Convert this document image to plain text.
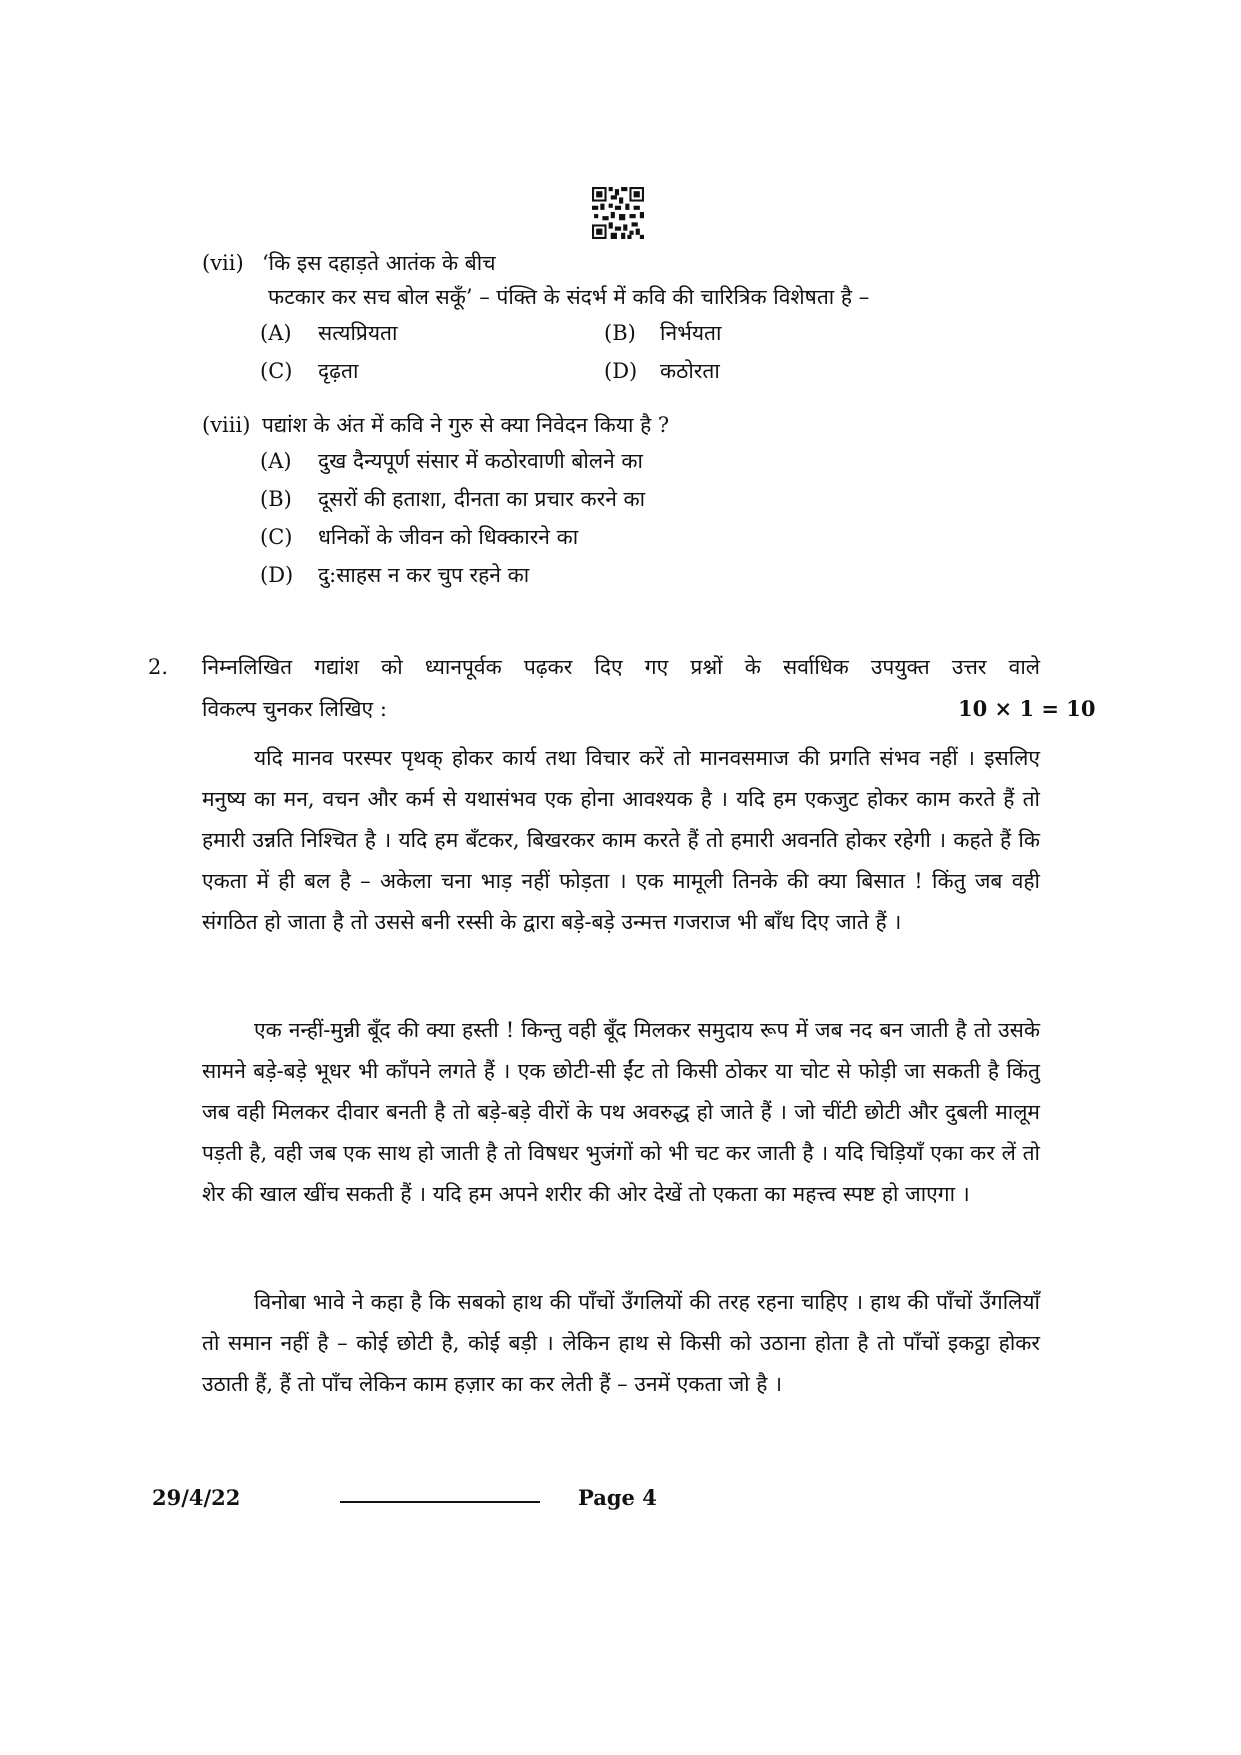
(vii) ‘कि इस दहाड़ते आतंक के बीच
फटकार कर सच बोल सकूँ’ – पंक्ति के संदर्भ में कवि की चारित्रिक विशेषता है –
(A) सत्यप्रियता	(B) निर्भयता
(C) दृढ़ता	(D) कठोरता
(viii) पद्यांश के अंत में कवि ने गुरु से क्या निवेदन किया है ?
(A) दुख दैन्यपूर्ण संसार में कठोरवाणी बोलने का
(B) दूसरों की हताशा, दीनता का प्रचार करने का
(C) धनिकों के जीवन को धिक्कारने का
(D) दु:साहस न कर चुप रहने का
2. निम्नलिखित गद्यांश को ध्यानपूर्वक पढ़कर दिए गए प्रश्नों के सर्वाधिक उपयुक्त उत्तर वाले
विकल्प चुनकर लिखिए :	10 × 1 = 10
यदि मानव परस्पर पृथक् होकर कार्य तथा विचार करें तो मानवसमाज की प्रगति संभव नहीं । इसलिए मनुष्य का मन, वचन और कर्म से यथासंभव एक होना आवश्यक है । यदि हम एकजुट होकर काम करते हैं तो हमारी उन्नति निश्चित है । यदि हम बँटकर, बिखरकर काम करते हैं तो हमारी अवनति होकर रहेगी । कहते हैं कि एकता में ही बल है – अकेला चना भाड़ नहीं फोड़ता । एक मामूली तिनके की क्या बिसात ! किंतु जब वही संगठित हो जाता है तो उससे बनी रस्सी के द्वारा बड़े-बड़े उन्मत्त गजराज भी बाँध दिए जाते हैं ।
एक नन्हीं-मुन्नी बूँद की क्या हस्ती ! किन्तु वही बूँद मिलकर समुदाय रूप में जब नद बन जाती है तो उसके सामने बड़े-बड़े भूधर भी काँपने लगते हैं । एक छोटी-सी ईंट तो किसी ठोकर या चोट से फोड़ी जा सकती है किंतु जब वही मिलकर दीवार बनती है तो बड़े-बड़े वीरों के पथ अवरुद्ध हो जाते हैं । जो चींटी छोटी और दुबली मालूम पड़ती है, वही जब एक साथ हो जाती है तो विषधर भुजंगों को भी चट कर जाती है । यदि चिड़ियाँ एका कर लें तो शेर की खाल खींच सकती हैं । यदि हम अपने शरीर की ओर देखें तो एकता का महत्त्व स्पष्ट हो जाएगा ।
विनोबा भावे ने कहा है कि सबको हाथ की पाँचों उँगलियों की तरह रहना चाहिए । हाथ की पाँचों उँगलियाँ तो समान नहीं है – कोई छोटी है, कोई बड़ी । लेकिन हाथ से किसी को उठाना होता है तो पाँचों इकट्ठा होकर उठाती हैं, हैं तो पाँच लेकिन काम हज़ार का कर लेती हैं – उनमें एकता जो है ।
29/4/22	Page 4
